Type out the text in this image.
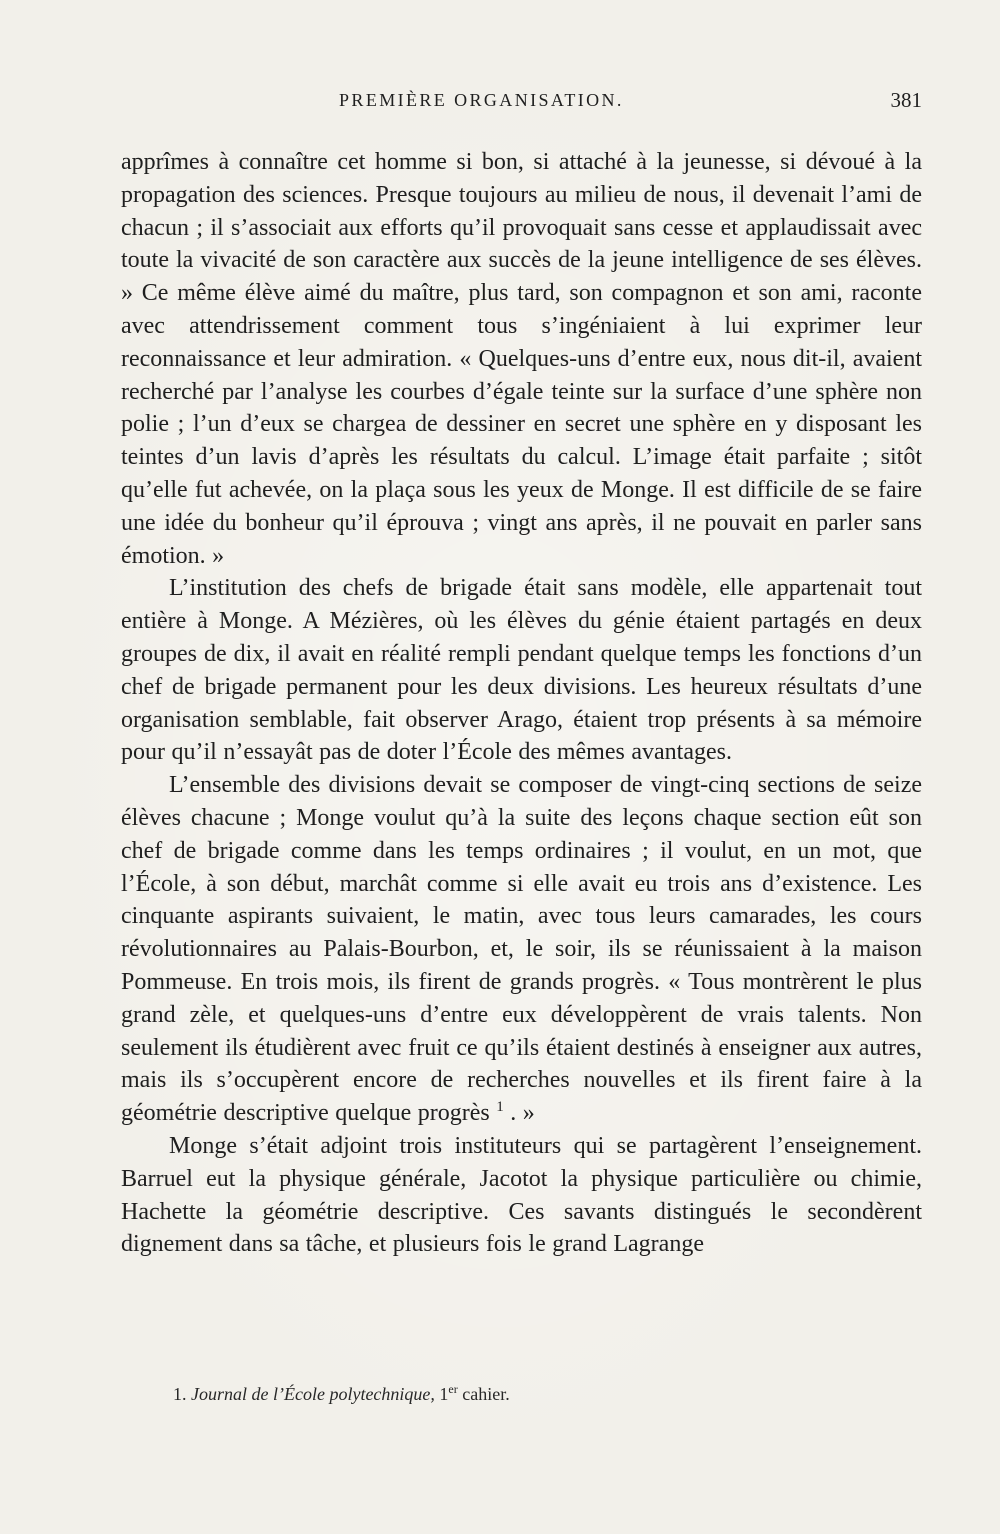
PREMIÈRE ORGANISATION.	381

apprîmes à connaître cet homme si bon, si attaché à la jeunesse, si dévoué à la propagation des sciences. Presque toujours au milieu de nous, il devenait l’ami de chacun ; il s’associait aux efforts qu’il provoquait sans cesse et applaudissait avec toute la vivacité de son caractère aux succès de la jeune intelligence de ses élèves. » Ce même élève aimé du maître, plus tard, son compagnon et son ami, raconte avec attendrissement comment tous s’ingéniaient à lui exprimer leur reconnaissance et leur admiration. « Quelques-uns d’entre eux, nous dit-il, avaient recherché par l’analyse les courbes d’égale teinte sur la surface d’une sphère non polie ; l’un d’eux se chargea de dessiner en secret une sphère en y disposant les teintes d’un lavis d’après les résultats du calcul. L’image était parfaite ; sitôt qu’elle fut achevée, on la plaça sous les yeux de Monge. Il est difficile de se faire une idée du bonheur qu’il éprouva ; vingt ans après, il ne pouvait en parler sans émotion. »

L’institution des chefs de brigade était sans modèle, elle appartenait tout entière à Monge. A Mézières, où les élèves du génie étaient partagés en deux groupes de dix, il avait en réalité rempli pendant quelque temps les fonctions d’un chef de brigade permanent pour les deux divisions. Les heureux résultats d’une organisation semblable, fait observer Arago, étaient trop présents à sa mémoire pour qu’il n’essayât pas de doter l’École des mêmes avantages.

L’ensemble des divisions devait se composer de vingt-cinq sections de seize élèves chacune ; Monge voulut qu’à la suite des leçons chaque section eût son chef de brigade comme dans les temps ordinaires ; il voulut, en un mot, que l’École, à son début, marchât comme si elle avait eu trois ans d’existence. Les cinquante aspirants suivaient, le matin, avec tous leurs camarades, les cours révolutionnaires au Palais-Bourbon, et, le soir, ils se réunissaient à la maison Pommeuse. En trois mois, ils firent de grands progrès. « Tous montrèrent le plus grand zèle, et quelques-uns d’entre eux développèrent de vrais talents. Non seulement ils étudièrent avec fruit ce qu’ils étaient destinés à enseigner aux autres, mais ils s’occupèrent encore de recherches nouvelles et ils firent faire à la géométrie descriptive quelque progrès $^1$ . »

Monge s’était adjoint trois instituteurs qui se partagèrent l’enseignement. Barruel eut la physique générale, Jacotot la physique particulière ou chimie, Hachette la géométrie descriptive. Ces savants distingués le secondèrent dignement dans sa tâche, et plusieurs fois le grand Lagrange

1. Journal de l’École polytechnique, 1er cahier.
